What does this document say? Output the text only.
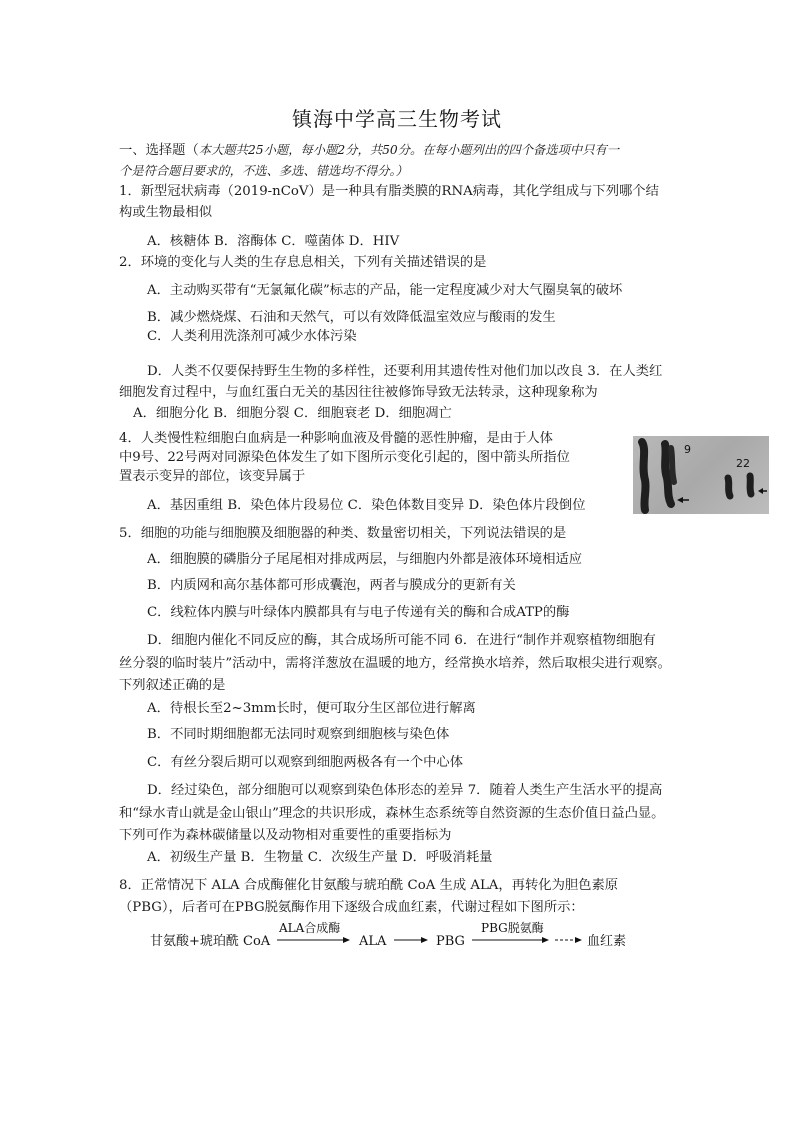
镇海中学高三生物考试
一、选择题（本大题共25小题，每小题2分，共50分。在每小题列出的四个备选项中只有一
个是符合题目要求的，不选、多选、错选均不得分。）
1．新型冠状病毒（2019-nCoV）是一种具有脂类膜的RNA病毒，其化学组成与下列哪个结
构或生物最相似
A．核糖体 B．溶酶体 C．噬菌体 D．HIV
2．环境的变化与人类的生存息息相关，下列有关描述错误的是
A．主动购买带有“无氯氟化碳”标志的产品，能一定程度减少对大气圈臭氧的破坏
B．减少燃烧煤、石油和天然气，可以有效降低温室效应与酸雨的发生
C．人类利用洗涤剂可减少水体污染
D．人类不仅要保持野生生物的多样性，还要利用其遗传性对他们加以改良 3．在人类红
细胞发育过程中，与血红蛋白无关的基因往往被修饰导致无法转录，这种现象称为
A．细胞分化 B．细胞分裂 C．细胞衰老 D．细胞凋亡
4．人类慢性粒细胞白血病是一种影响血液及骨髓的恶性肿瘤，是由于人体
中9号、22号两对同源染色体发生了如下图所示变化引起的，图中箭头所指位
置表示变异的部位，该变异属于
A．基因重组 B．染色体片段易位 C．染色体数目变异 D．染色体片段倒位
9
22
5．细胞的功能与细胞膜及细胞器的种类、数量密切相关，下列说法错误的是
A．细胞膜的磷脂分子尾尾相对排成两层，与细胞内外都是液体环境相适应
B．内质网和高尔基体都可形成囊泡，两者与膜成分的更新有关
C．线粒体内膜与叶绿体内膜都具有与电子传递有关的酶和合成ATP的酶
D．细胞内催化不同反应的酶，其合成场所可能不同 6．在进行“制作并观察植物细胞有
丝分裂的临时装片”活动中，需将洋葱放在温暖的地方，经常换水培养，然后取根尖进行观察。
下列叙述正确的是
A．待根长至2~3mm长时，便可取分生区部位进行解离
B．不同时期细胞都无法同时观察到细胞核与染色体
C．有丝分裂后期可以观察到细胞两极各有一个中心体
D．经过染色，部分细胞可以观察到染色体形态的差异 7．随着人类生产生活水平的提高
和“绿水青山就是金山银山”理念的共识形成，森林生态系统等自然资源的生态价值日益凸显。
下列可作为森林碳储量以及动物相对重要性的重要指标为
A．初级生产量 B．生物量 C．次级生产量 D．呼吸消耗量
8．正常情况下 ALA 合成酶催化甘氨酸与琥珀酰 CoA 生成 ALA，再转化为胆色素原
（PBG），后者可在PBG脱氨酶作用下逐级合成血红素，代谢过程如下图所示：
甘氨酸+琥珀酰 CoA
ALA合成酶
ALA	PBG
PBG脱氨酶
血红素
